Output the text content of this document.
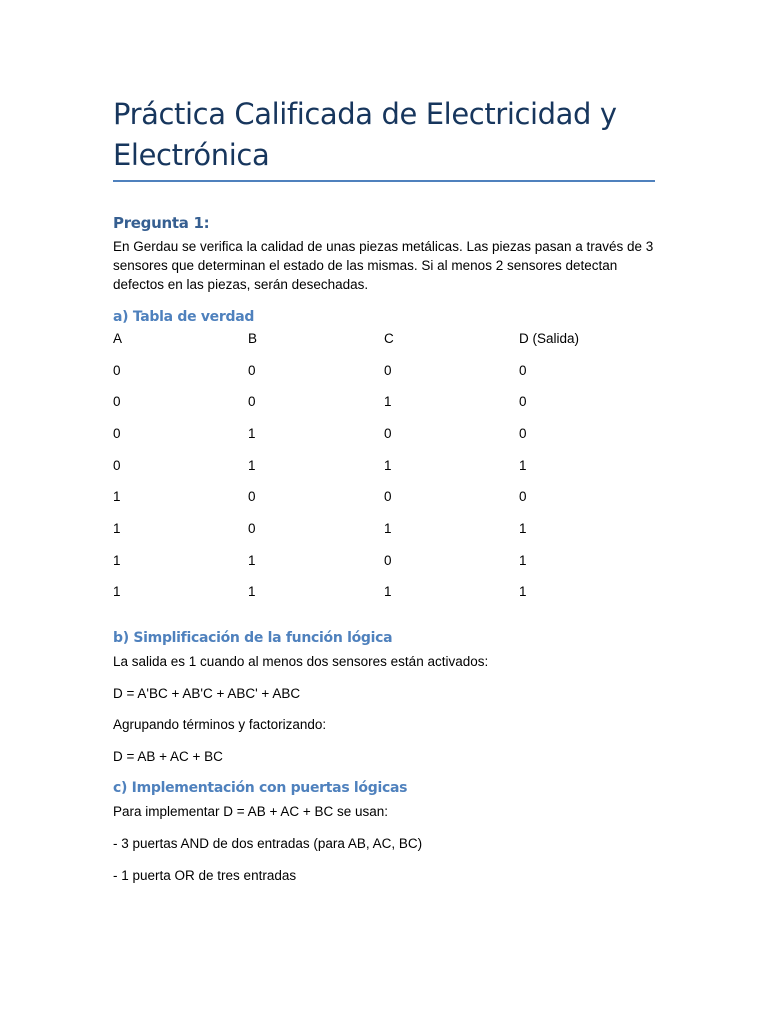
Práctica Calificada de Electricidad y Electrónica
Pregunta 1:
En Gerdau se verifica la calidad de unas piezas metálicas. Las piezas pasan a través de 3 sensores que determinan el estado de las mismas. Si al menos 2 sensores detectan defectos en las piezas, serán desechadas.
a) Tabla de verdad
A	B	C	D (Salida)
0	0	0	0
0	0	1	0
0	1	0	0
0	1	1	1
1	0	0	0
1	0	1	1
1	1	0	1
1	1	1	1
b) Simplificación de la función lógica
La salida es 1 cuando al menos dos sensores están activados:
D = A'BC + AB'C + ABC' + ABC
Agrupando términos y factorizando:
D = AB + AC + BC
c) Implementación con puertas lógicas
Para implementar D = AB + AC + BC se usan:
- 3 puertas AND de dos entradas (para AB, AC, BC)
- 1 puerta OR de tres entradas
